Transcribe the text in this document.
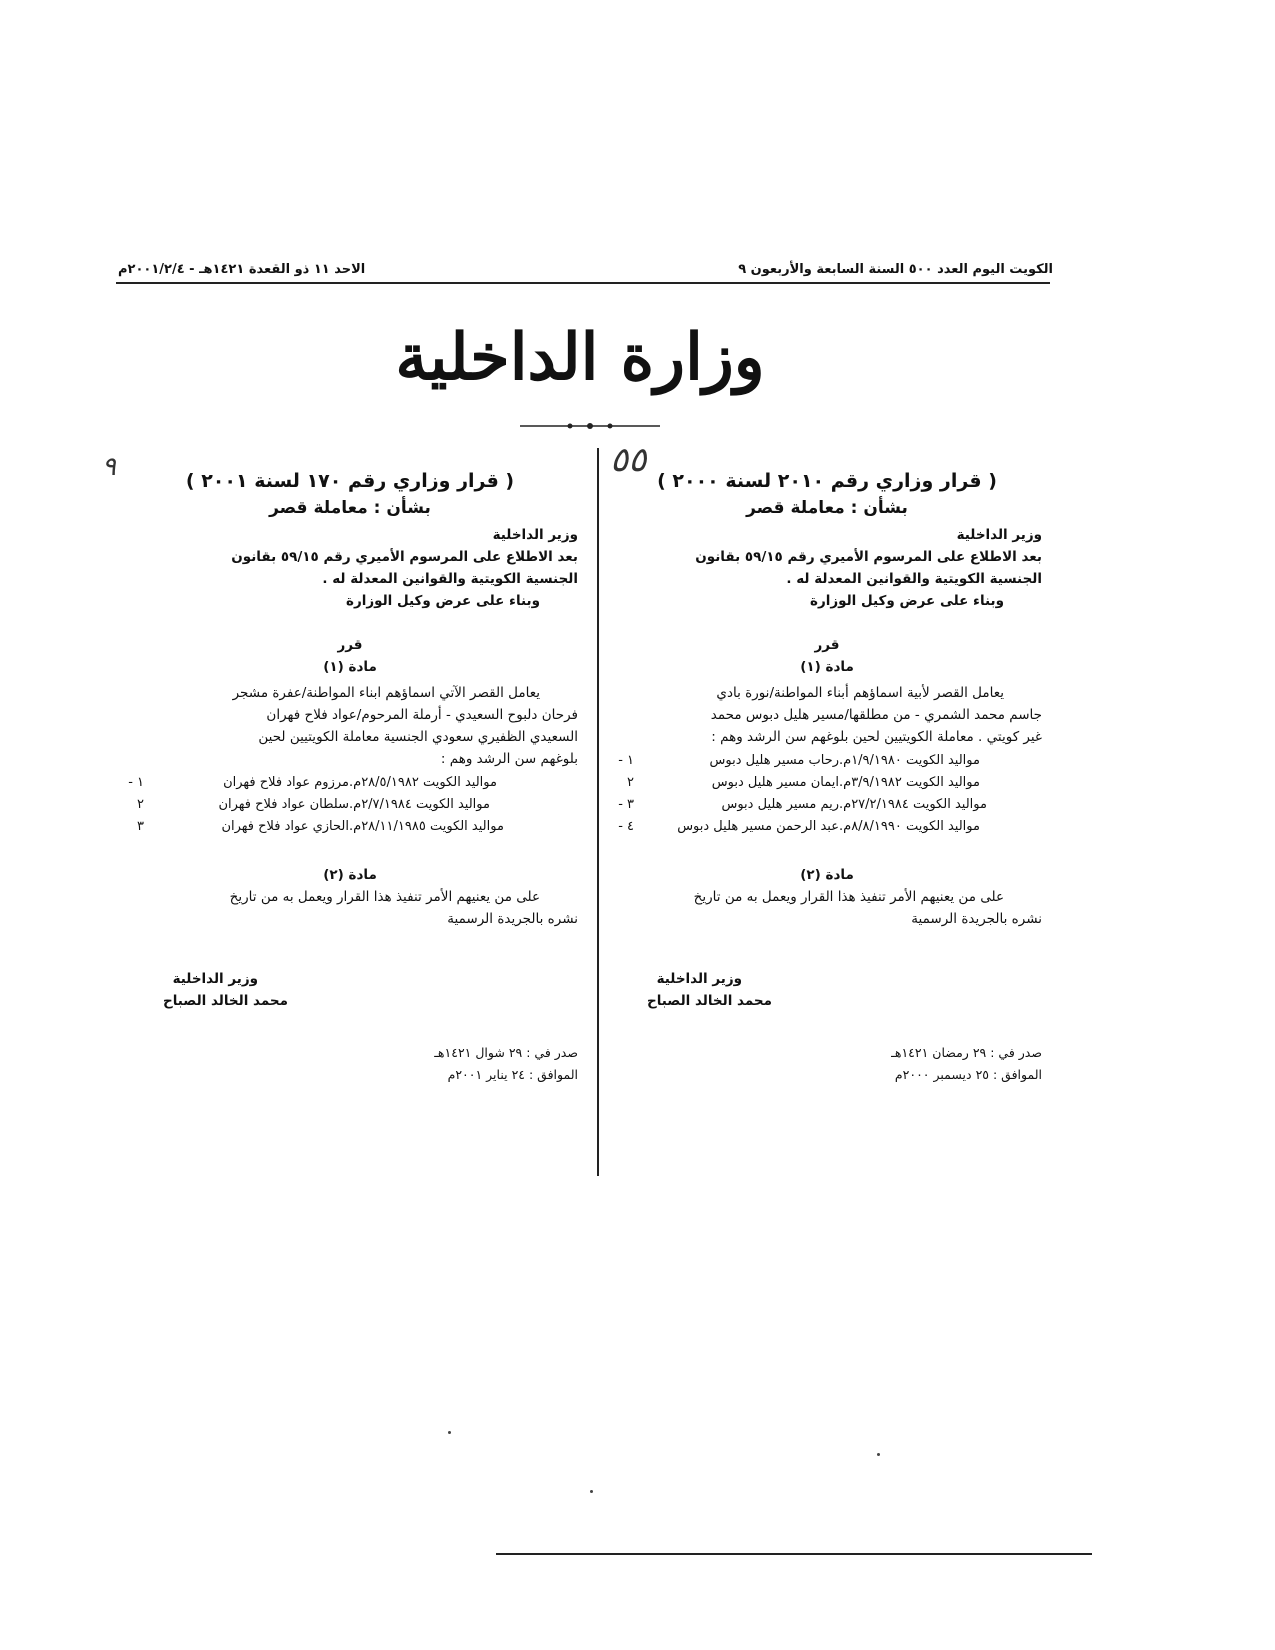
الكويت اليوم العدد ٥٠٠ السنة السابعة والأربعون ٩
الاحد ١١ ذو القعدة ١٤٢١هـ - ٢٠٠١/٢/٤م
وزارة الداخلية
٥٥
٩	( قرار وزاري رقم ٢٠١٠ لسنة ٢٠٠٠ )
بشأن : معاملة قصر
وزير الداخلية
بعد الاطلاع على المرسوم الأميري رقم ٥٩/١٥ بقانون
الجنسية الكويتية والقوانين المعدلة له .
وبناء على عرض وكيل الوزارة
قرر
مادة (١)
يعامل القصر لأبية اسماؤهم أبناء المواطنة/نورة بادي
جاسم محمد الشمري - من مطلقها/مسير هليل دبوس محمد
غير كويتي . معاملة الكويتيين لحين بلوغهم سن الرشد وهم :
١ -	رحاب مسير هليل دبوس مواليد الكويت ١/٩/١٩٨٠م.
٢	ايمان مسير هليل دبوس مواليد الكويت ٣/٩/١٩٨٢م.
٣ -	ريم مسير هليل دبوس مواليد الكويت ٢٧/٢/١٩٨٤م.
٤ -	عبد الرحمن مسير هليل دبوس مواليد الكويت ٨/٨/١٩٩٠م.
مادة (٢)
على من يعنيهم الأمر تنفيذ هذا القرار ويعمل به من تاريخ
نشره بالجريدة الرسمية
وزير الداخلية
محمد الخالد الصباح
صدر في : ٢٩ رمضان ١٤٢١هـ
الموافق : ٢٥ ديسمبر ٢٠٠٠م
( قرار وزاري رقم ١٧٠ لسنة ٢٠٠١ )
بشأن : معاملة قصر
وزير الداخلية
بعد الاطلاع على المرسوم الأميري رقم ٥٩/١٥ بقانون
الجنسية الكويتية والقوانين المعدلة له .
وبناء على عرض وكيل الوزارة
قرر
مادة (١)
يعامل القصر الآتي اسماؤهم ابناء المواطنة/عفرة مشجر
فرحان دلبوح السعيدي - أرملة المرحوم/عواد فلاح فهران
السعيدي الظفيري سعودي الجنسية معاملة الكويتيين لحين
بلوغهم سن الرشد وهم :
١ -	مرزوم عواد فلاح فهران مواليد الكويت ٢٨/٥/١٩٨٢م.
٢	سلطان عواد فلاح فهران مواليد الكويت ٢/٧/١٩٨٤م.
٣	الحازي عواد فلاح فهران مواليد الكويت ٢٨/١١/١٩٨٥م.
مادة (٢)
على من يعنيهم الأمر تنفيذ هذا القرار ويعمل به من تاريخ
نشره بالجريدة الرسمية
وزير الداخلية
محمد الخالد الصباح
صدر في : ٢٩ شوال ١٤٢١هـ
الموافق : ٢٤ يناير ٢٠٠١م
